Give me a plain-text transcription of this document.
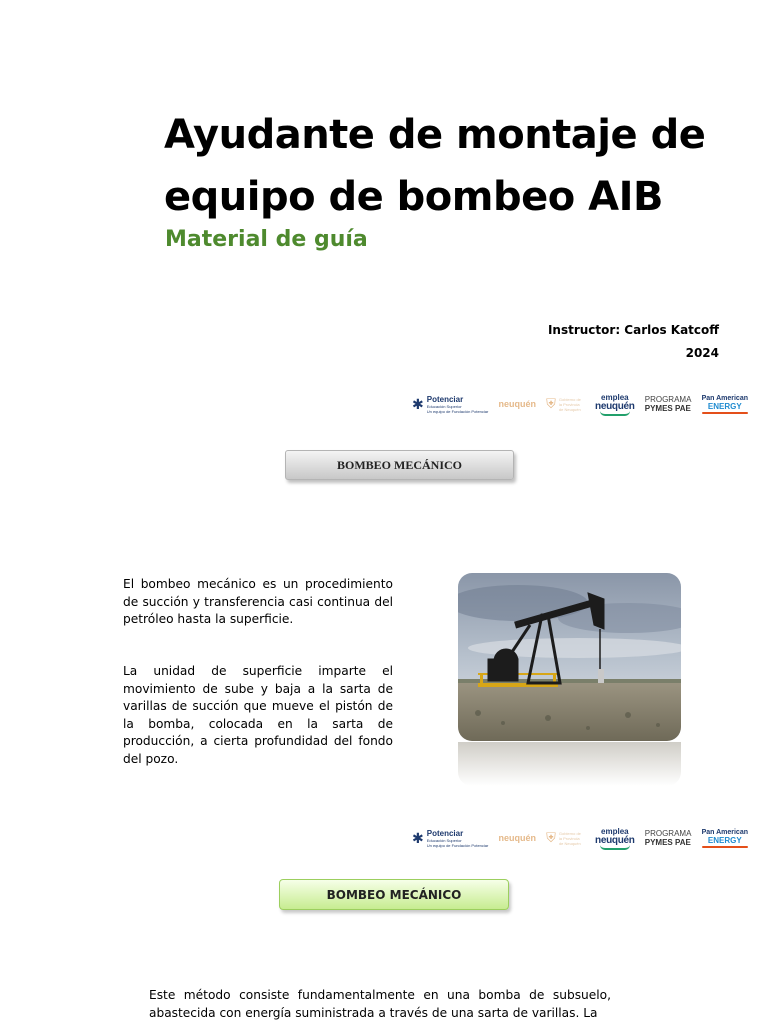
Ayudante de montaje de equipo de bombeo AIB
Material de guía
Instructor: Carlos Katcoff
2024
✱ Potenciar
Educación Superior
Un equipo de Fundación Potenciar
neuquén ⛨ Gobierno de la Provincia de Neuquén
emplea
neuquén
PROGRAMA
PYMES PAE
Pan American
ENERGY
BOMBEO MECÁNICO

El bombeo mecánico es un procedimiento de succión y transferencia casi continua del petróleo hasta la superficie.

La unidad de superficie imparte el movimiento de sube y baja a la sarta de varillas de succión que mueve el pistón de la bomba, colocada en la sarta de producción, a cierta profundidad del fondo del pozo.

✱ Potenciar
Educación Superior
Un equipo de Fundación Potenciar
neuquén ⛨ Gobierno de la Provincia de Neuquén
emplea
neuquén
PROGRAMA
PYMES PAE
Pan American
ENERGY
BOMBEO MECÁNICO

Este método consiste fundamentalmente en una bomba de subsuelo, abastecida con energía suministrada a través de una sarta de varillas. La
